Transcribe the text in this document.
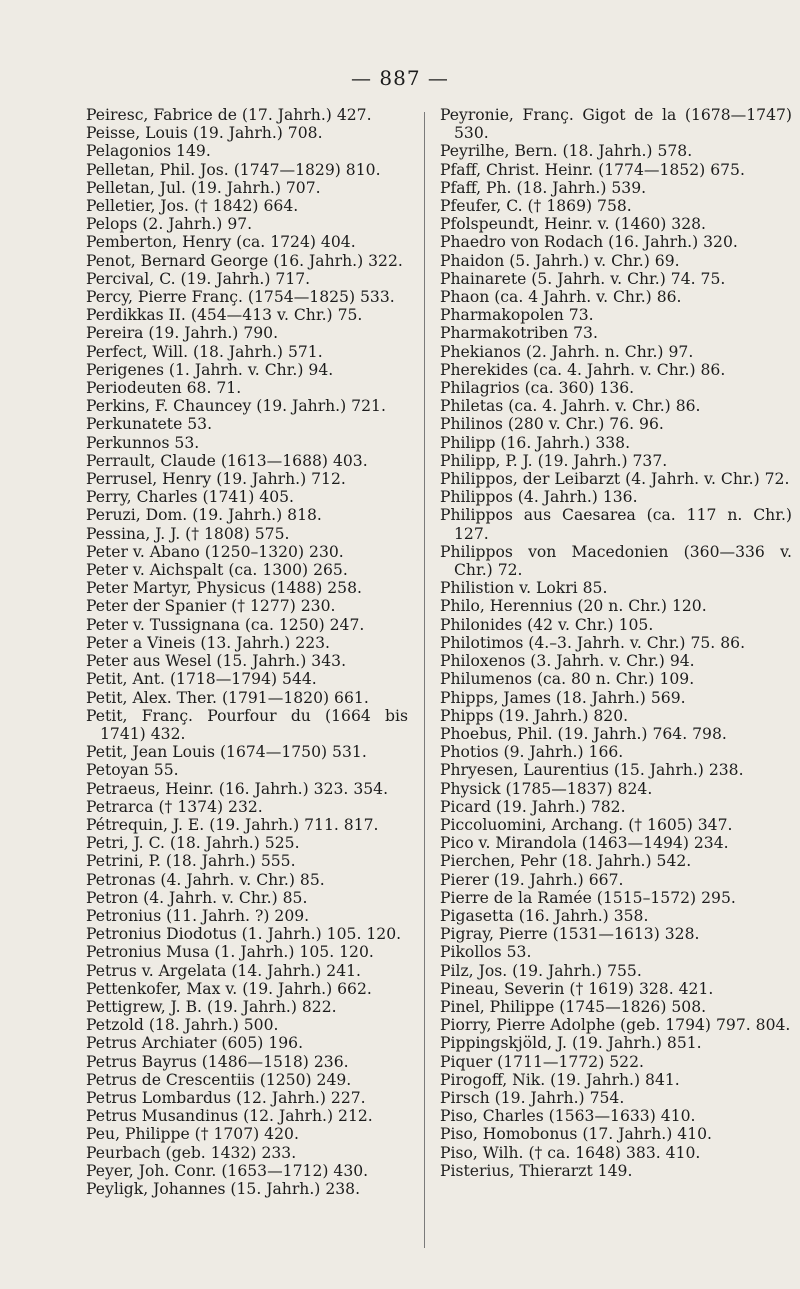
— 887 —
Peiresc, Fabrice de (17. Jahrh.) 427.
Peisse, Louis (19. Jahrh.) 708.
Pelagonios 149.
Pelletan, Phil. Jos. (1747—1829) 810.
Pelletan, Jul. (19. Jahrh.) 707.
Pelletier, Jos. († 1842) 664.
Pelops (2. Jahrh.) 97.
Pemberton, Henry (ca. 1724) 404.
Penot, Bernard George (16. Jahrh.) 322.
Percival, C. (19. Jahrh.) 717.
Percy, Pierre Franç. (1754—1825) 533.
Perdikkas II. (454—413 v. Chr.) 75.
Pereira (19. Jahrh.) 790.
Perfect, Will. (18. Jahrh.) 571.
Perigenes (1. Jahrh. v. Chr.) 94.
Periodeuten 68. 71.
Perkins, F. Chauncey (19. Jahrh.) 721.
Perkunatete 53.
Perkunnos 53.
Perrault, Claude (1613—1688) 403.
Perrusel, Henry (19. Jahrh.) 712.
Perry, Charles (1741) 405.
Peruzi, Dom. (19. Jahrh.) 818.
Pessina, J. J. († 1808) 575.
Peter v. Abano (1250–1320) 230.
Peter v. Aichspalt (ca. 1300) 265.
Peter Martyr, Physicus (1488) 258.
Peter der Spanier († 1277) 230.
Peter v. Tussignana (ca. 1250) 247.
Peter a Vineis (13. Jahrh.) 223.
Peter aus Wesel (15. Jahrh.) 343.
Petit, Ant. (1718—1794) 544.
Petit, Alex. Ther. (1791—1820) 661.
Petit, Franç. Pourfour du (1664 bis 1741) 432.
Petit, Jean Louis (1674—1750) 531.
Petoyan 55.
Petraeus, Heinr. (16. Jahrh.) 323. 354.
Petrarca († 1374) 232.
Pétrequin, J. E. (19. Jahrh.) 711. 817.
Petri, J. C. (18. Jahrh.) 525.
Petrini, P. (18. Jahrh.) 555.
Petronas (4. Jahrh. v. Chr.) 85.
Petron (4. Jahrh. v. Chr.) 85.
Petronius (11. Jahrh. ?) 209.
Petronius Diodotus (1. Jahrh.) 105. 120.
Petronius Musa (1. Jahrh.) 105. 120.
Petrus v. Argelata (14. Jahrh.) 241.
Pettenkofer, Max v. (19. Jahrh.) 662.
Pettigrew, J. B. (19. Jahrh.) 822.
Petzold (18. Jahrh.) 500.
Petrus Archiater (605) 196.
Petrus Bayrus (1486—1518) 236.
Petrus de Crescentiis (1250) 249.
Petrus Lombardus (12. Jahrh.) 227.
Petrus Musandinus (12. Jahrh.) 212.
Peu, Philippe († 1707) 420.
Peurbach (geb. 1432) 233.
Peyer, Joh. Conr. (1653—1712) 430.
Peyligk, Johannes (15. Jahrh.) 238.
Peyronie, Franç. Gigot de la (1678—1747) 530.
Peyrilhe, Bern. (18. Jahrh.) 578.
Pfaff, Christ. Heinr. (1774—1852) 675.
Pfaff, Ph. (18. Jahrh.) 539.
Pfeufer, C. († 1869) 758.
Pfolspeundt, Heinr. v. (1460) 328.
Phaedro von Rodach (16. Jahrh.) 320.
Phaidon (5. Jahrh.) v. Chr.) 69.
Phainarete (5. Jahrh. v. Chr.) 74. 75.
Phaon (ca. 4 Jahrh. v. Chr.) 86.
Pharmakopolen 73.
Pharmakotriben 73.
Phekianos (2. Jahrh. n. Chr.) 97.
Pherekides (ca. 4. Jahrh. v. Chr.) 86.
Philagrios (ca. 360) 136.
Philetas (ca. 4. Jahrh. v. Chr.) 86.
Philinos (280 v. Chr.) 76. 96.
Philipp (16. Jahrh.) 338.
Philipp, P. J. (19. Jahrh.) 737.
Philippos, der Leibarzt (4. Jahrh. v. Chr.) 72.
Philippos (4. Jahrh.) 136.
Philippos aus Caesarea (ca. 117 n. Chr.) 127.
Philippos von Macedonien (360—336 v. Chr.) 72.
Philistion v. Lokri 85.
Philo, Herennius (20 n. Chr.) 120.
Philonides (42 v. Chr.) 105.
Philotimos (4.–3. Jahrh. v. Chr.) 75. 86.
Philoxenos (3. Jahrh. v. Chr.) 94.
Philumenos (ca. 80 n. Chr.) 109.
Phipps, James (18. Jahrh.) 569.
Phipps (19. Jahrh.) 820.
Phoebus, Phil. (19. Jahrh.) 764. 798.
Photios (9. Jahrh.) 166.
Phryesen, Laurentius (15. Jahrh.) 238.
Physick (1785—1837) 824.
Picard (19. Jahrh.) 782.
Piccoluomini, Archang. († 1605) 347.
Pico v. Mirandola (1463—1494) 234.
Pierchen, Pehr (18. Jahrh.) 542.
Pierer (19. Jahrh.) 667.
Pierre de la Ramée (1515–1572) 295.
Pigasetta (16. Jahrh.) 358.
Pigray, Pierre (1531—1613) 328.
Pikollos 53.
Pilz, Jos. (19. Jahrh.) 755.
Pineau, Severin († 1619) 328. 421.
Pinel, Philippe (1745—1826) 508.
Piorry, Pierre Adolphe (geb. 1794) 797. 804.
Pippingskjöld, J. (19. Jahrh.) 851.
Piquer (1711—1772) 522.
Pirogoff, Nik. (19. Jahrh.) 841.
Pirsch (19. Jahrh.) 754.
Piso, Charles (1563—1633) 410.
Piso, Homobonus (17. Jahrh.) 410.
Piso, Wilh. († ca. 1648) 383. 410.
Pisterius, Thierarzt 149.
